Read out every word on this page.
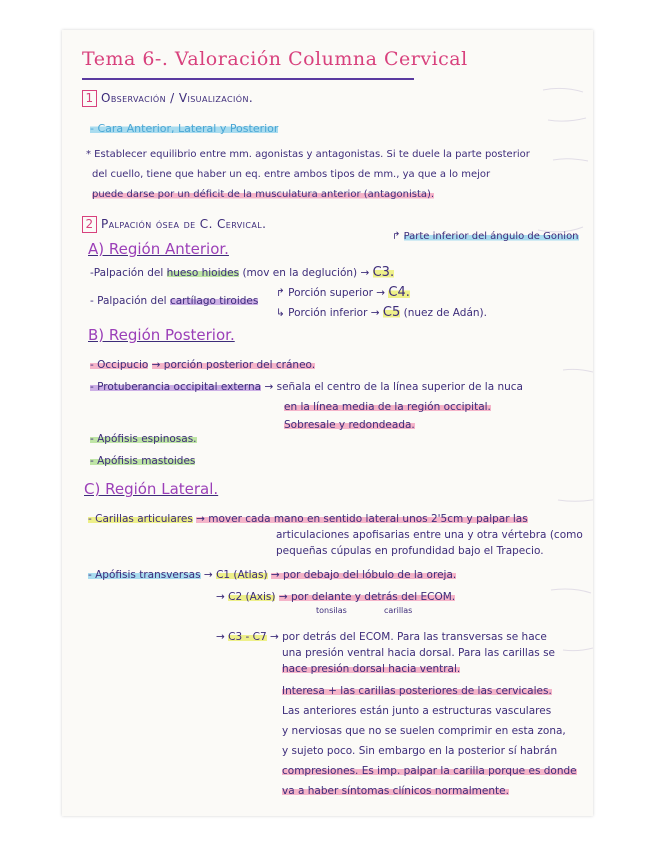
Tema 6-. Valoración Columna Cervical
1 Observación / Visualización.
- Cara Anterior, Lateral y Posterior
* Establecer equilibrio entre mm. agonistas y antagonistas. Si te duele la parte posterior
del cuello, tiene que haber un eq. entre ambos tipos de mm., ya que a lo mejor
puede darse por un déficit de la musculatura anterior (antagonista).
2 Palpación ósea de C. Cervical.
↱ Parte inferior del ángulo de Gonion
A) Región Anterior.
-Palpación del hueso hioides (mov en la deglución) → C3.
- Palpación del cartílago tiroides
↱ Porción superior → C4.
↳ Porción inferior → C5 (nuez de Adán).
B) Región Posterior.
- Occipucio → porción posterior del cráneo.
- Protuberancia occipital externa → señala el centro de la línea superior de la nuca
en la línea media de la región occipital.
Sobresale y redondeada.
- Apófisis espinosas.
- Apófisis mastoides
C) Región Lateral.
- Carillas articulares → mover cada mano en sentido lateral unos 2'5cm y palpar las
articulaciones apofisarias entre una y otra vértebra (como
pequeñas cúpulas en profundidad bajo el Trapecio.
- Apófisis transversas → C1 (Atlas) → por debajo del lóbulo de la oreja.
→ C2 (Axis) → por delante y detrás del ECOM.
tonsilas	carillas
→ C3 - C7 → por detrás del ECOM. Para las transversas se hace
una presión ventral hacia dorsal. Para las carillas se
hace presión dorsal hacia ventral.
Interesa + las carillas posteriores de las cervicales.
Las anteriores están junto a estructuras vasculares
y nerviosas que no se suelen comprimir en esta zona,
y sujeto poco. Sin embargo en la posterior sí habrán
compresiones. Es imp. palpar la carilla porque es donde
va a haber síntomas clínicos normalmente.
